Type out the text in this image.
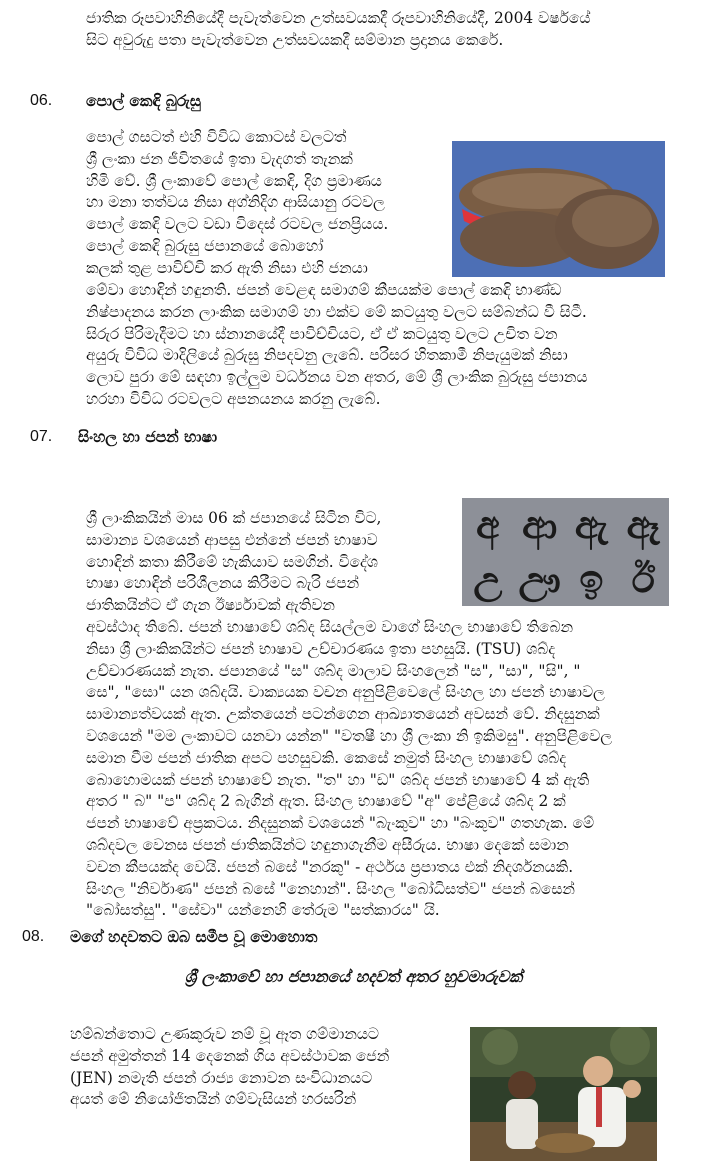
ජාතික රූපවාහිනියේදී පැවැත්වෙන උත්සවයකදී රූපවාහිනියේදී, 2004 වර්ෂයේ
සිට අවුරුදු පතා පැවැත්වෙන උත්සවයකදී සම්මාන ප්‍රදානය කෙරේ.
06. පොල් කෙඳි බුරුසු
පොල් ගසටත් එහි විවිධ කොටස් වලටත්
ශ්‍රී ලංකා ජන ජීවිතයේ ඉතා වැදගත් තැනක්
හිමි වේ. ශ්‍රී ලංකාවේ පොල් කෙඳි, දිග ප්‍රමාණය
හා මනා තත්වය නිසා අග්නිදිග ආසියානු රටවල
පොල් කෙඳි වලට වඩා විදෙස් රටවල ජනප්‍රියය.
පොල් කෙඳි බුරුසු ජපානයේ බොහෝ
කලක් තුළ පාවිච්චි කර ඇති නිසා එහි ජනයා
මේවා හොඳින් හඳුනති. ජපන් වෙළඳ සමාගම් කීපයක්ම පොල් කෙඳි භාණ්ඩ
නිෂ්පාදනය කරන ලාංකික සමාගම් හා එක්ව මේ කටයුතු වලට සම්බන්ධ වී සිටී.
සිරුර පිරිමැදීමට හා ස්නානයේදී පාවිච්චියට, ඒ ඒ කටයුතු වලට උචිත වන
අයුරු විවිධ මාදිලියේ බුරුසු නිපදවනු ලැබේ. පරිසර හිතකාමී නිපැයුමක් නිසා
ලොව පුරා මේ සඳහා ඉල්ලුම වර්ධනය වන අතර, මේ ශ්‍රී ලාංකික බුරුසු ජපානය
හරහා විවිධ රටවලට අපනයනය කරනු ලැබේ.
07. සිංහල හා ජපන් භාෂා
අ ආ ඇ ඈ
උ ඌ ඉ ඊ
ශ්‍රී ලාංකිකයින් මාස 06 ක් ජපානයේ සිටින විට,
සාමාන්‍ය වශයෙන් ආපසු එන්නේ ජපන් භාෂාව
හොඳින් කතා කිරීමේ හැකියාව සමගින්. විදේශ
භාෂා හොඳින් පරිශීලනය කිරීමට බැරි ජපන්
ජාතිකයින්ට ඒ ගැන ඊර්ෂ්‍යාවක් ඇතිවන
අවස්ථාද තිබේ. ජපන් භාෂාවේ ශබ්ද සියල්ලම වාගේ සිංහල භාෂාවේ තිබෙන
නිසා ශ්‍රී ලාංකිකයින්ට ජපන් භාෂාව උච්චාරණය ඉතා පහසුයි. (TSU) ශබ්ද
උච්චාරණයක් නැත. ජපානයේ "ස" ශබ්ද මාලාව සිංහලෙන් "ස", "සා", "සි", "
සෙ", "සො" යන ශබ්දයි. වාක්‍යයක වචන අනුපිළිවෙලේ සිංහල හා ජපන් භාෂාවල
සාමාන්‍යත්වයක් ඇත. උක්තයෙන් පටන්ගෙන ආඛ්‍යාතයෙන් අවසන් වේ. නිදසුනක්
වශයෙන් "මම ලංකාවට යනවා යන්න" "වතෂී හා ශ්‍රී ලංකා නි ඉකිමසු". අනුපිළිවෙල
සමාන වීම ජපන් ජාතික අපට පහසුවකි. කෙසේ නමුත් සිංහල භාෂාවේ ශබ්ද
බොහොමයක් ජපන් භාෂාවේ නැත. "ත" හා "ඩ" ශබ්ද ජපන් භාෂාවේ 4 ක් ඇති
අතර " බ" "ප" ශබ්ද 2 බැගින් ඇත. සිංහල භාෂාවේ "අ" පේළියේ ශබ්ද 2 ක්
ජපන් භාෂාවේ අප්‍රකටය. නිදසුනක් වශයෙන් "බැංකුව" හා "බංකුව" ගතහැක. මේ
ශබ්දවල වෙනස ජපන් ජාතිකයින්ට හඳුනාගැනීම අසීරුය. භාෂා දෙකේ සමාන
වචන කීපයක්ද වෙයි. ජපන් බසේ "නරකු" - අර්ථය ප්‍රපාතය එක් නිදර්ශනයකි.
සිංහල "නිර්වාණ" ජපන් බසේ "නෙහාන්". සිංහල "බෝධිසත්ව" ජපන් බසෙන්
"බෝසත්සු". "සේවා" යන්නෙහි තේරුම "සත්කාරය" යි.
08. මගේ හදවතට ඔබ සමීප වූ මොහොත
ශ්‍රී ලංකාවේ හා ජපානයේ හදවත් අතර හුවමාරුවක්
හම්බන්තොට උණකුරුව නම් වූ ඈත ගම්මානයට
ජපන් අමුත්තන් 14 දෙනෙක් ගිය අවස්ථාවක ජෙන්
(JEN) නමැති ජපන් රාජ්‍ය නොවන සංවිධානයට
අයත් මේ නියෝජිතයින් ගම්වැසියන් හරසරින්
